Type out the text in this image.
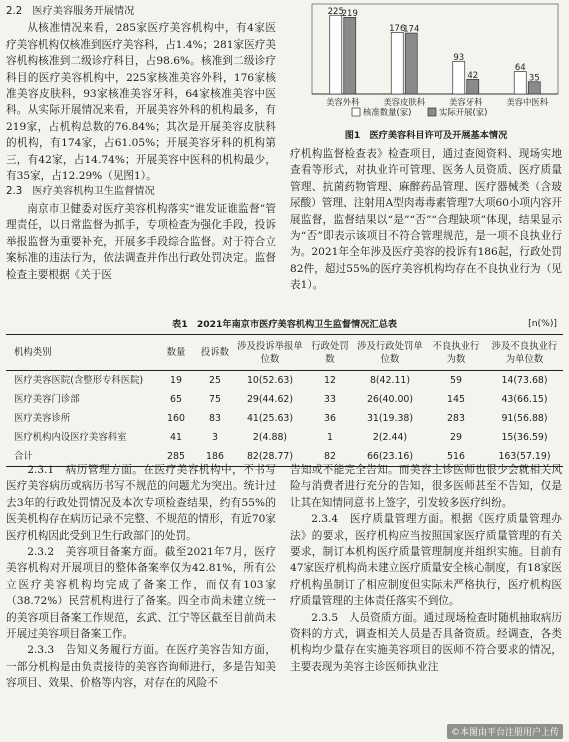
2.2　医疗美容服务开展情况

从核准情况来看，285家医疗美容机构中，有4家医疗美容机构仅核准到医疗美容科，占1.4%；281家医疗美容机构核准到二级诊疗科目，占98.6%。核准到二级诊疗科目的医疗美容机构中，225家核准美容外科，176家核准美容皮肤科，93家核准美容牙科，64家核准美容中医科。从实际开展情况来看，开展美容外科的机构最多，有219家，占机构总数的76.84%；其次是开展美容皮肤科的机构，有174家，占61.05%；开展美容牙科的机构第三，有42家，占14.74%；开展美容中医科的机构最少，有35家，占12.29%（见图1）。

2.3　医疗美容机构卫生监督情况

南京市卫健委对医疗美容机构落实“谁发证谁监督”管理责任，以日常监督为抓手，专项检查为强化手段，投诉举报监督为重要补充，开展多手段综合监督。对于符合立案标准的违法行为，依法调查并作出行政处罚决定。监督检查主要根据《关于医

225
219
美容外科
176
174
美容皮肤科
93
42
美容牙科
64
35
美容中医科
核准数量(家)	实际开展(家)
图1　医疗美容科目许可及开展基本情况

疗机构监督检查表》检查项目，通过查阅资料、现场实地查看等形式，对执业许可管理、医务人员资质、医疗质量管理、抗菌药物管理、麻醉药品管理、医疗器械类（含玻尿酸）管理、注射用A型肉毒毒素管理7大项60小项内容开展监督，监督结果以“是”“否”“合理缺项”体现，结果显示为“否”即表示该项目不符合管理规范，是一项不良执业行为。2021年全年涉及医疗美容的投诉有186起，行政处罚82件，超过55%的医疗美容机构均存在不良执业行为（见表1）。

表1　2021年南京市医疗美容机构卫生监督情况汇总表	[n(%)]
机构类别	数量	投诉数	涉及投诉举报单位数	行政处罚数	涉及行政处罚单位数	不良执业行为数	涉及不良执业行为单位数
医疗美容医院(含整形专科医院)	19	25	10(52.63)	12	8(42.11)	59	14(73.68)
医疗美容门诊部	65	75	29(44.62)	33	26(40.00)	145	43(66.15)
医疗美容诊所	160	83	41(25.63)	36	31(19.38)	283	91(56.88)
医疗机构内设医疗美容科室	41	3	2(4.88)	1	2(2.44)	29	15(36.59)
合计	285	186	82(28.77)	82	66(23.16)	516	163(57.19)

2.3.1　病历管理方面。在医疗美容机构中，不书写医疗美容病历或病历书写不规范的问题尤为突出。统计过去3年的行政处罚情况及本次专项检查结果，约有55%的医美机构存在病历记录不完整、不规范的情形，有近70家医疗机构因此受到卫生行政部门的处罚。

2.3.2　美容项目备案方面。截至2021年7月，医疗美容机构对开展项目的整体备案率仅为42.81%，所有公立医疗美容机构均完成了备案工作，而仅有103家（38.72%）民营机构进行了备案。四全市尚未建立统一的美容项目备案工作规范，玄武、江宁等区截至目前尚未开展过美容项目备案工作。

2.3.3　告知义务履行方面。在医疗美容告知方面，一部分机构是由负责接待的美容咨询师进行，多是告知美容项目、效果、价格等内容，对存在的风险不

告知或不能完全告知。而美容主诊医师也很少会就相关风险与消费者进行充分的告知，很多医师甚至不告知，仅是让其在知情同意书上签字，引发较多医疗纠纷。

2.3.4　医疗质量管理方面。根据《医疗质量管理办法》的要求，医疗机构应当按照国家医疗质量管理的有关要求，制订本机构医疗质量管理制度并组织实施。目前有47家医疗机构尚未建立医疗质量安全核心制度，有18家医疗机构虽制订了相应制度但实际未严格执行，医疗机构医疗质量管理的主体责任落实不到位。

2.3.5　人员资质方面。通过现场检查时随机抽取病历资料的方式，调查相关人员是否具备资质。经调查，各类机构均少量存在实施美容项目的医师不符合要求的情况，主要表现为美容主诊医师执业注

©本图由平台注册用户上传
